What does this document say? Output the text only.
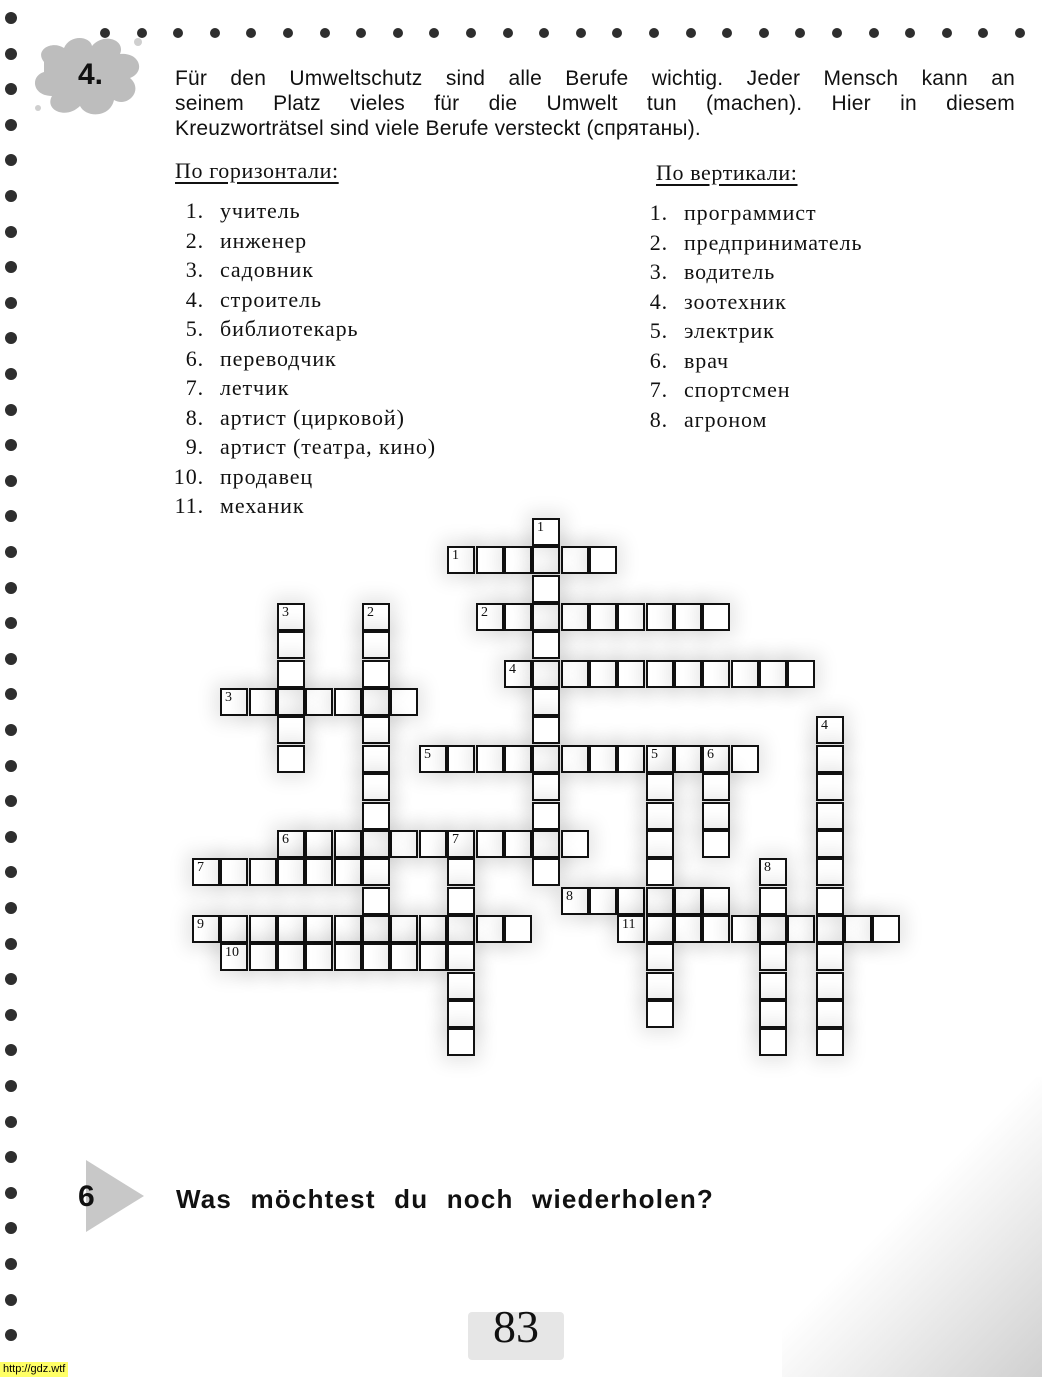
4.	Für den Umweltschutz sind alle Berufe wichtig. Jeder Mensch kann an

seinem Platz vieles für die Umwelt tun (machen). Hier in diesem

Kreuzworträtsel sind viele Berufe versteckt (спрятаны).

По горизонтали:	По вертикали:
1. учитель
2. инженер
3. садовник
4. строитель
5. библиотекарь
6. переводчик
7. летчик
8. артист (цирковой)
9. артист (театра, кино)
10. продавец
11. механик
1. программист
2. предприниматель
3. водитель
4. зоотехник
5. электрик
6. врач
7. спортсмен
8. агроном
1
2
3
4
5	5	6
6	7
7
8
9
10
11
1
2
3
4
8
6	Was möchtest du noch wiederholen?
83
http://gdz.wtf
